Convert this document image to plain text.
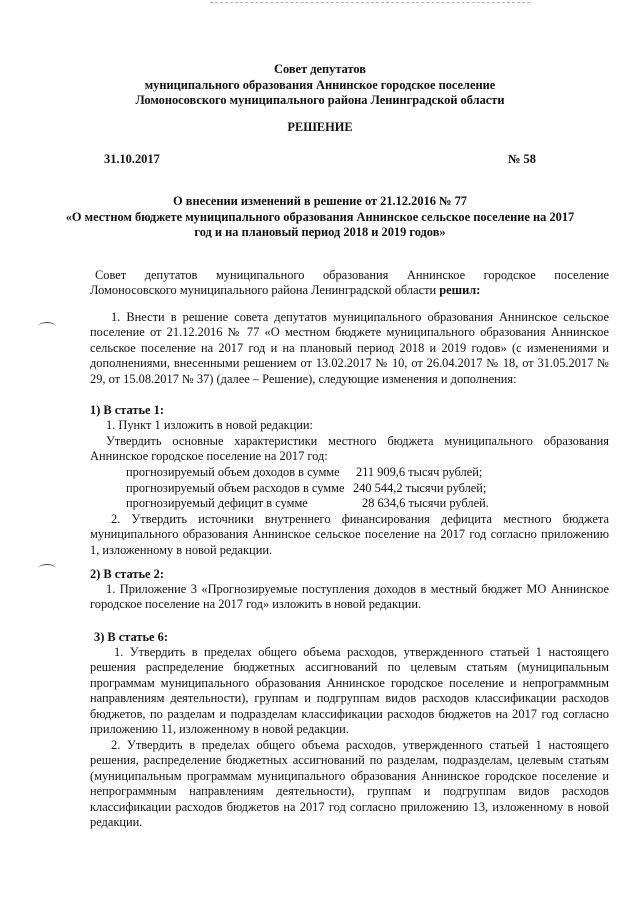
Совет депутатов
муниципального образования Аннинское городское поселение
Ломоносовского муниципального района Ленинградской области
РЕШЕНИЕ
31.10.2017	№ 58
О внесении изменений в решение от 21.12.2016 № 77
«О местном бюджете муниципального образования Аннинское сельское поселение на 2017
год и на плановый период 2018 и 2019 годов»
Совет депутатов муниципального образования Аннинское городское поселение
Ломоносовского муниципального района Ленинградской области решил:
1. Внести в решение совета депутатов муниципального образования Аннинское сельское
поселение от 21.12.2016 № 77 «О местном бюджете муниципального образования Аннинское
сельское поселение на 2017 год и на плановый период 2018 и 2019 годов» (с изменениями и
дополнениями, внесенными решением от 13.02.2017 № 10, от 26.04.2017 № 18, от 31.05.2017 №
29, от 15.08.2017 № 37) (далее – Решение), следующие изменения и дополнения:
1) В статье 1:
1. Пункт 1 изложить в новой редакции:
Утвердить основные характеристики местного бюджета муниципального образования
Аннинское городское поселение на 2017 год:
прогнозируемый объем доходов в сумме 211 909,6 тысяч рублей;
прогнозируемый объем расходов в сумме 240 544,2 тысячи рублей;
прогнозируемый дефицит в сумме	28 634,6 тысячи рублей.
2. Утвердить источники внутреннего финансирования дефицита местного бюджета
муниципального образования Аннинское сельское поселение на 2017 год согласно приложению
1, изложенному в новой редакции.
2) В статье 2:
1. Приложение 3 «Прогнозируемые поступления доходов в местный бюджет МО Аннинское
городское поселение на 2017 год» изложить в новой редакции.
3) В статье 6:
1. Утвердить в пределах общего объема расходов, утвержденного статьей 1 настоящего
решения распределение бюджетных ассигнований по целевым статьям (муниципальным
программам муниципального образования Аннинское городское поселение и непрограммным
направлениям деятельности), группам и подгруппам видов расходов классификации расходов
бюджетов, по разделам и подразделам классификации расходов бюджетов на 2017 год согласно
приложению 11, изложенному в новой редакции.
2. Утвердить в пределах общего объема расходов, утвержденного статьей 1 настоящего
решения, распределение бюджетных ассигнований по разделам, подразделам, целевым статьям
(муниципальным программам муниципального образования Аннинское городское поселение и
непрограммным направлениям деятельности), группам и подгруппам видов расходов
классификации расходов бюджетов на 2017 год согласно приложению 13, изложенному в новой
редакции.
